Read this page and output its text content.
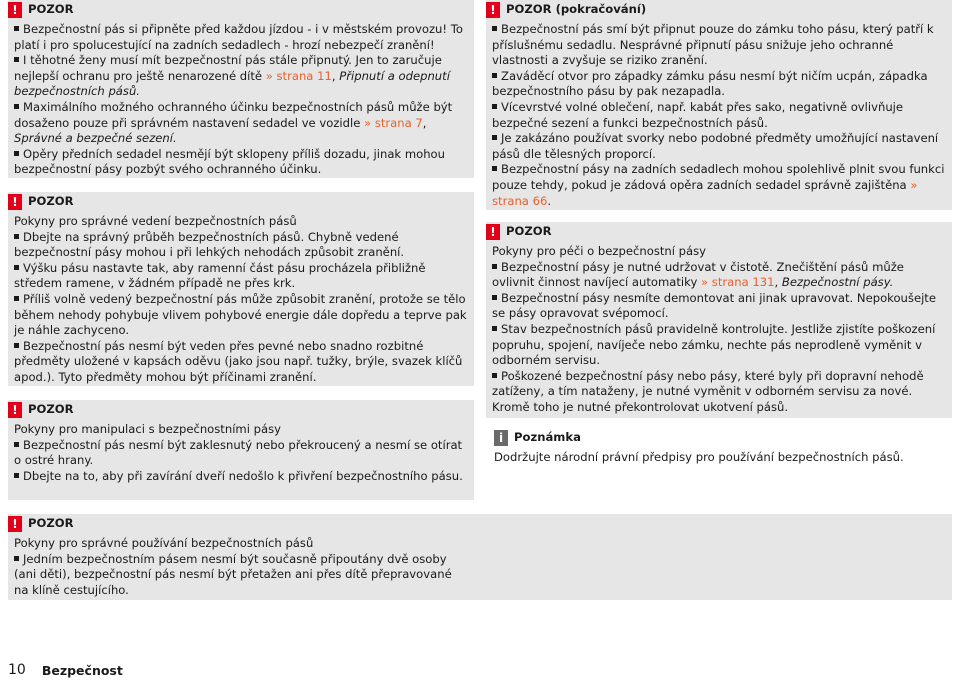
! POZOR

Bezpečnostní pás si připněte před každou jízdou - i v městském provozu! To platí i pro spolucestující na zadních sedadlech - hrozí nebezpečí zranění!

I těhotné ženy musí mít bezpečnostní pás stále připnutý. Jen to zaručuje nejlepší ochranu pro ještě nenarozené dítě » strana 11, Připnutí a odepnutí bezpečnostních pásů.

Maximálního možného ochranného účinku bezpečnostních pásů může být dosaženo pouze při správném nastavení sedadel ve vozidle » strana 7, Správné a bezpečné sezení.

Opěry předních sedadel nesmějí být sklopeny příliš dozadu, jinak mohou bezpečnostní pásy pozbýt svého ochranného účinku.

! POZOR

Pokyny pro správné vedení bezpečnostních pásů

Dbejte na správný průběh bezpečnostních pásů. Chybně vedené bezpečnostní pásy mohou i při lehkých nehodách způsobit zranění.

Výšku pásu nastavte tak, aby ramenní část pásu procházela přibližně středem ramene, v žádném případě ne přes krk.

Příliš volně vedený bezpečnostní pás může způsobit zranění, protože se tělo během nehody pohybuje vlivem pohybové energie dále dopředu a teprve pak je náhle zachyceno.

Bezpečnostní pás nesmí být veden přes pevné nebo snadno rozbitné předměty uložené v kapsách oděvu (jako jsou např. tužky, brýle, svazek klíčů apod.). Tyto předměty mohou být příčinami zranění.

! POZOR

Pokyny pro manipulaci s bezpečnostními pásy

Bezpečnostní pás nesmí být zaklesnutý nebo překroucený a nesmí se otírat o ostré hrany.

Dbejte na to, aby při zavírání dveří nedošlo k přivření bezpečnostního pásu.

! POZOR

Pokyny pro správné používání bezpečnostních pásů

Jedním bezpečnostním pásem nesmí být současně připoutány dvě osoby (ani děti), bezpečnostní pás nesmí být přetažen ani přes dítě přepravované na klíně cestujícího.

! POZOR (pokračování)

Bezpečnostní pás smí být připnut pouze do zámku toho pásu, který patří k příslušnému sedadlu. Nesprávné připnutí pásu snižuje jeho ochranné vlastnosti a zvyšuje se riziko zranění.

Zaváděcí otvor pro západky zámku pásu nesmí být ničím ucpán, západka bezpečnostního pásu by pak nezapadla.

Vícevrstvé volné oblečení, např. kabát přes sako, negativně ovlivňuje bezpečné sezení a funkci bezpečnostních pásů.

Je zakázáno používat svorky nebo podobné předměty umožňující nastavení pásů dle tělesných proporcí.

Bezpečnostní pásy na zadních sedadlech mohou spolehlivě plnit svou funkci pouze tehdy, pokud je zádová opěra zadních sedadel správně zajištěna » strana 66.

! POZOR

Pokyny pro péči o bezpečnostní pásy

Bezpečnostní pásy je nutné udržovat v čistotě. Znečištění pásů může ovlivnit činnost navíjecí automatiky » strana 131, Bezpečnostní pásy.

Bezpečnostní pásy nesmíte demontovat ani jinak upravovat. Nepokoušejte se pásy opravovat svépomocí.

Stav bezpečnostních pásů pravidelně kontrolujte. Jestliže zjistíte poškození popruhu, spojení, navíječe nebo zámku, nechte pás neprodleně vyměnit v odborném servisu.

Poškozené bezpečnostní pásy nebo pásy, které byly při dopravní nehodě zatíženy, a tím nataženy, je nutné vyměnit v odborném servisu za nové. Kromě toho je nutné překontrolovat ukotvení pásů.

i Poznámka

Dodržujte národní právní předpisy pro používání bezpečnostních pásů.

10 Bezpečnost
